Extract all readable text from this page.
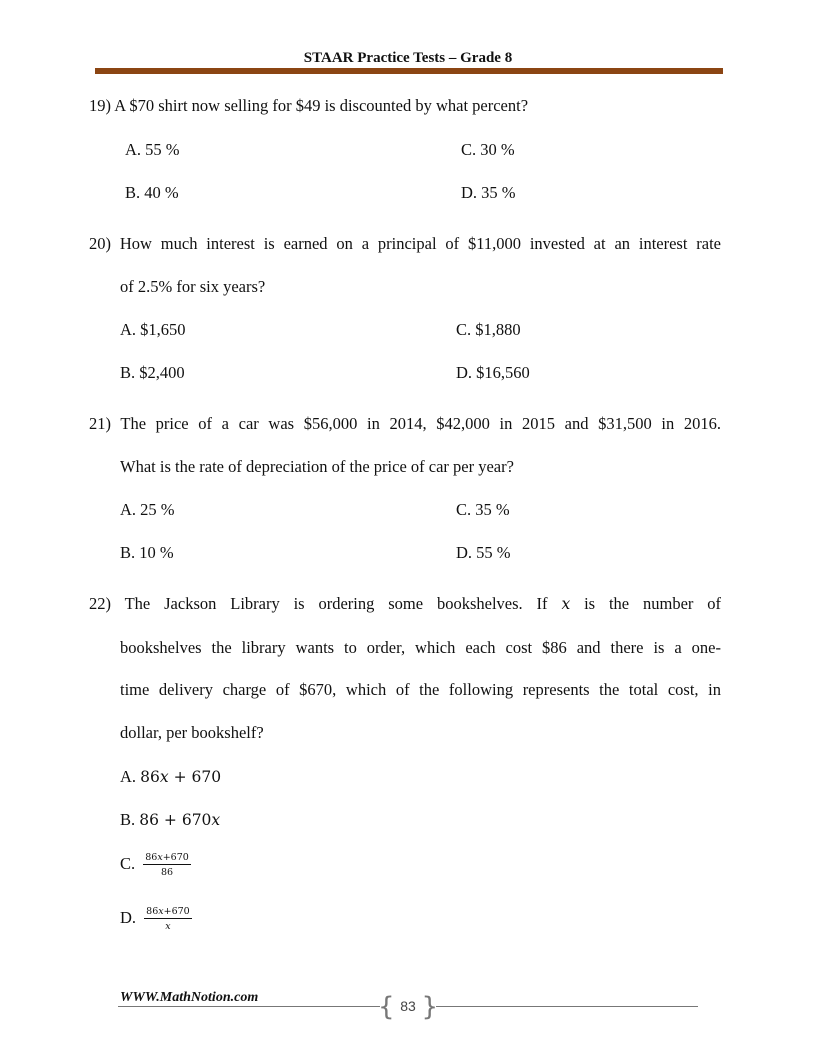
STAAR Practice Tests – Grade 8
19) A $70 shirt now selling for $49 is discounted by what percent?
A. 55 %	C. 30 %
B. 40 %	D. 35 %
20) How much interest is earned on a principal of $11,000 invested at an interest rate
of 2.5% for six years?
A. $1,650	C. $1,880
B. $2,400	D. $16,560
21) The price of a car was $56,000 in 2014, $42,000 in 2015 and $31,500 in 2016.
What is the rate of depreciation of the price of car per year?
A. 25 %	C. 35 %
B. 10 %	D. 55 %
22) The Jackson Library is ordering some bookshelves. If x is the number of
bookshelves the library wants to order, which each cost $86 and there is a one-
time delivery charge of $670, which of the following represents the total cost, in
dollar, per bookshelf?
A. 86x + 670
B. 86 + 670x
C. $\frac{86x+670}{86}$
D. $\frac{86x+670}{x}$
WWW.MathNotion.com	{ }
83
